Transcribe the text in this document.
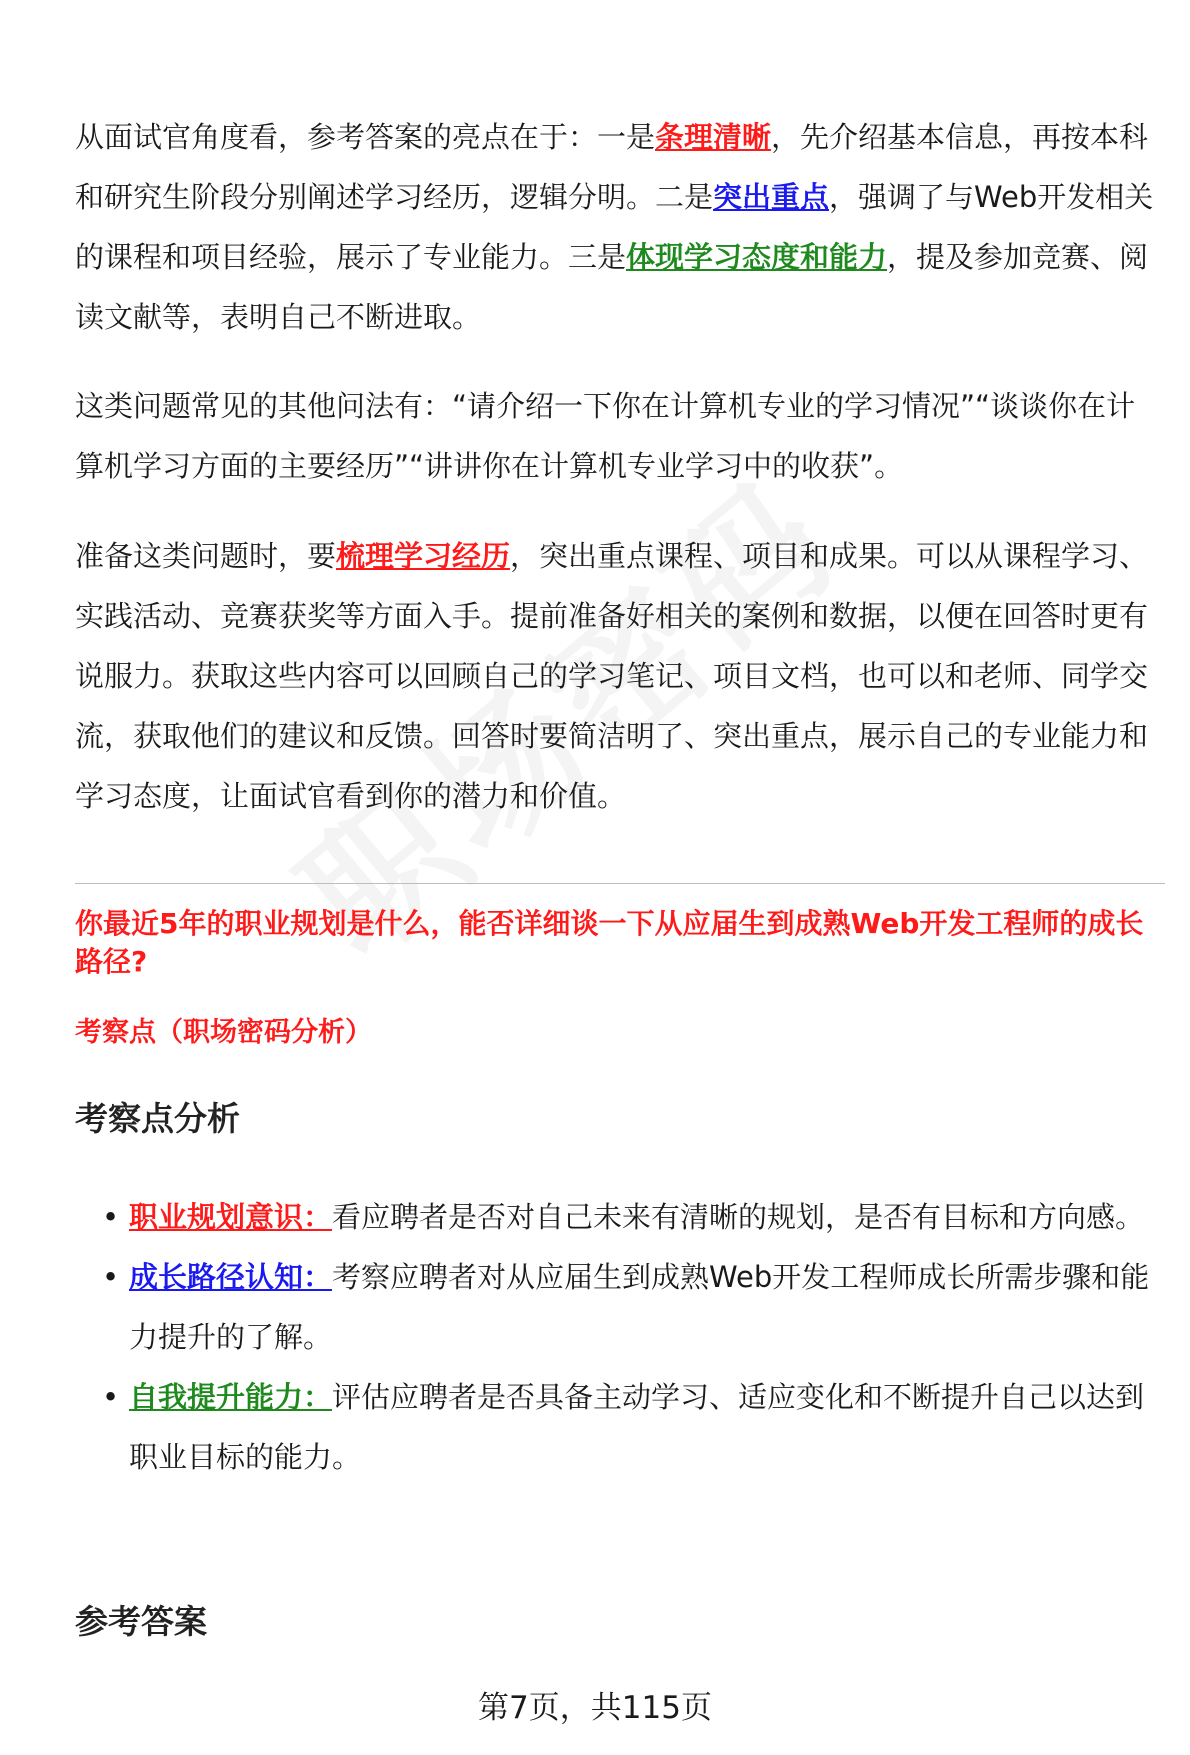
从面试官角度看，参考答案的亮点在于：一是条理清晰，先介绍基本信息，再按本科和研究生阶段分别阐述学习经历，逻辑分明。二是突出重点，强调了与Web开发相关的课程和项目经验，展示了专业能力。三是体现学习态度和能力，提及参加竞赛、阅读文献等，表明自己不断进取。

这类问题常见的其他问法有：“请介绍一下你在计算机专业的学习情况”“谈谈你在计算机学习方面的主要经历”“讲讲你在计算机专业学习中的收获”。

准备这类问题时，要梳理学习经历，突出重点课程、项目和成果。可以从课程学习、实践活动、竞赛获奖等方面入手。提前准备好相关的案例和数据，以便在回答时更有说服力。获取这些内容可以回顾自己的学习笔记、项目文档，也可以和老师、同学交流，获取他们的建议和反馈。回答时要简洁明了、突出重点，展示自己的专业能力和学习态度，让面试官看到你的潜力和价值。

你最近5年的职业规划是什么，能否详细谈一下从应届生到成熟Web开发工程师的成长路径?

考察点（职场密码分析）

考察点分析
• 职业规划意识：看应聘者是否对自己未来有清晰的规划，是否有目标和方向感。
• 成长路径认知：考察应聘者对从应届生到成熟Web开发工程师成长所需步骤和能力提升的了解。
• 自我提升能力：评估应聘者是否具备主动学习、适应变化和不断提升自己以达到职业目标的能力。
参考答案
第7页，共115页
